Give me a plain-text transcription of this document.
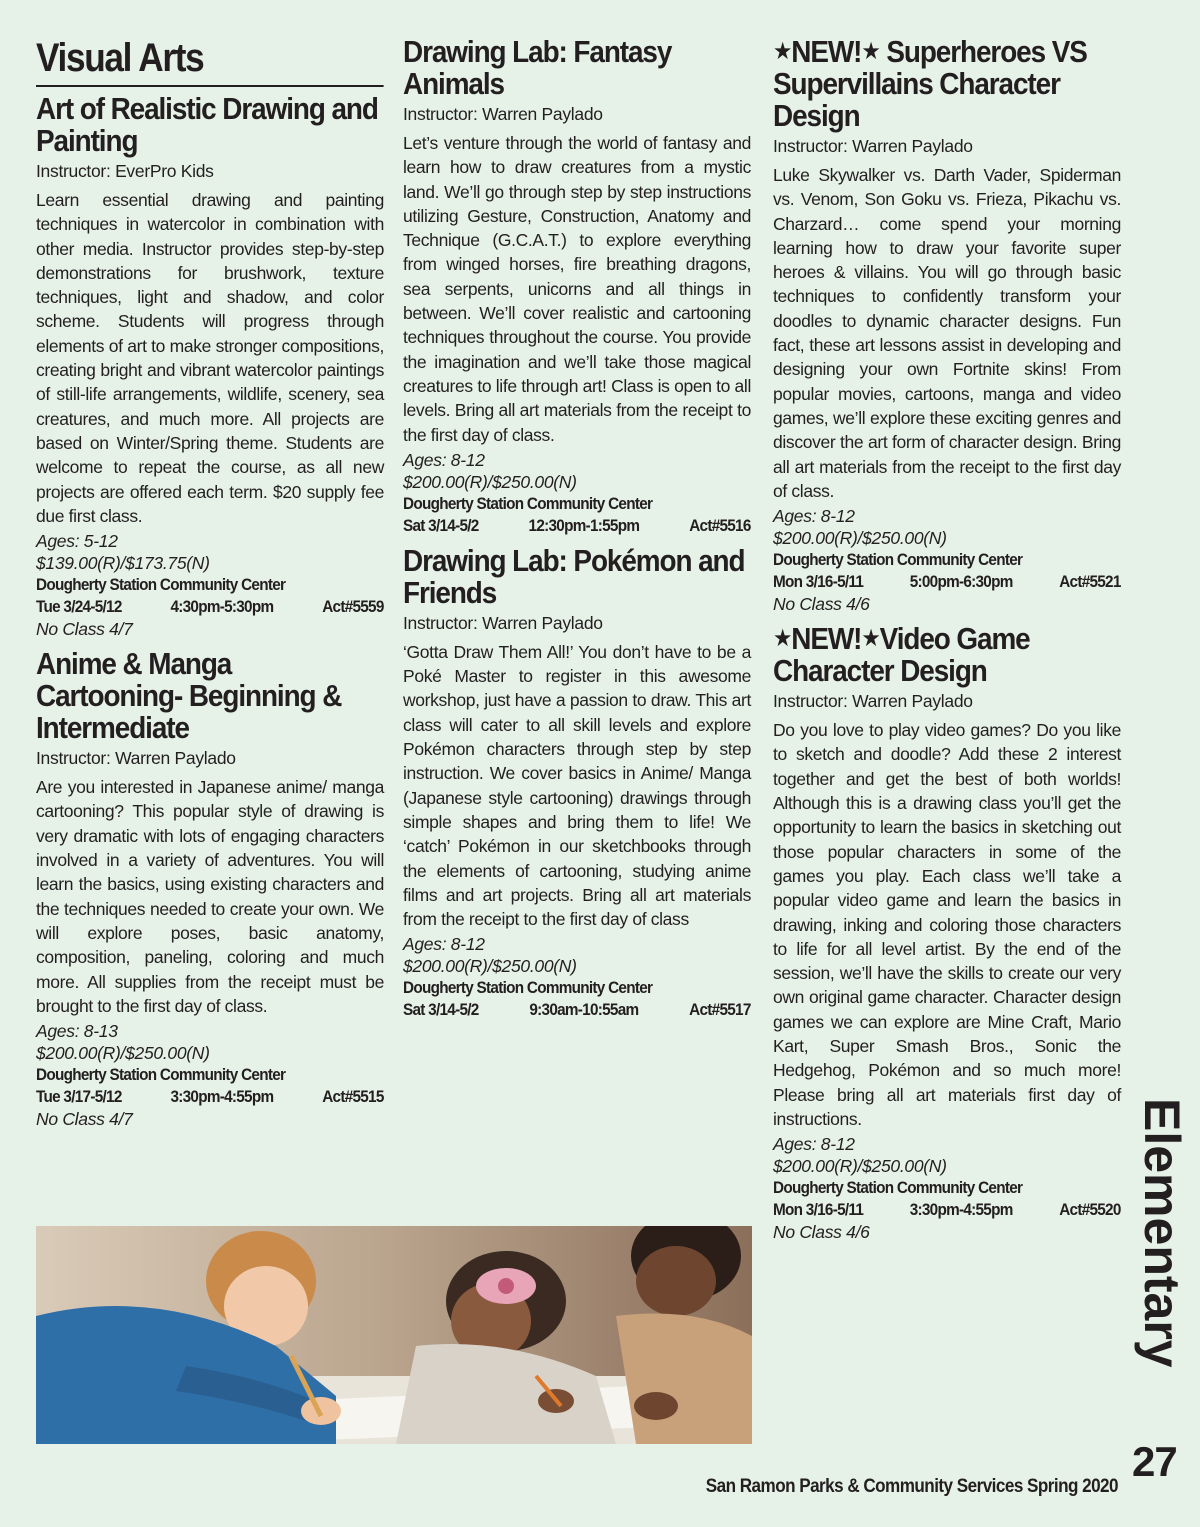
Visual Arts
Art of Realistic Drawing and Painting
Instructor: EverPro Kids
Learn essential drawing and painting techniques in watercolor in combination with other media. Instructor provides step-by-step demonstrations for brushwork, texture techniques, light and shadow, and color scheme. Students will progress through elements of art to make stronger compositions, creating bright and vibrant watercolor paintings of still-life arrangements, wildlife, scenery, sea creatures, and much more. All projects are based on Winter/Spring theme. Students are welcome to repeat the course, as all new projects are offered each term. $20 supply fee due first class.
Ages: 5-12
$139.00(R)/$173.75(N)
Dougherty Station Community Center
Tue 3/24-5/12	4:30pm-5:30pm	Act#5559
No Class 4/7
Anime & Manga Cartooning- Beginning & Intermediate
Instructor: Warren Paylado
Are you interested in Japanese anime/ manga cartooning? This popular style of drawing is very dramatic with lots of engaging characters involved in a variety of adventures. You will learn the basics, using existing characters and the techniques needed to create your own. We will explore poses, basic anatomy, composition, paneling, coloring and much more. All supplies from the receipt must be brought to the first day of class.
Ages: 8-13
$200.00(R)/$250.00(N)
Dougherty Station Community Center
Tue 3/17-5/12	3:30pm-4:55pm	Act#5515
No Class 4/7
Drawing Lab: Fantasy Animals
Instructor: Warren Paylado
Let’s venture through the world of fantasy and learn how to draw creatures from a mystic land. We’ll go through step by step instructions utilizing Gesture, Construction, Anatomy and Technique (G.C.A.T.) to explore everything from winged horses, fire breathing dragons, sea serpents, unicorns and all things in between. We’ll cover realistic and cartooning techniques throughout the course. You provide the imagination and we’ll take those magical creatures to life through art! Class is open to all levels. Bring all art materials from the receipt to the first day of class.
Ages: 8-12
$200.00(R)/$250.00(N)
Dougherty Station Community Center
Sat 3/14-5/2	12:30pm-1:55pm	Act#5516
Drawing Lab: Pokémon and Friends
Instructor: Warren Paylado
‘Gotta Draw Them All!’ You don’t have to be a Poké Master to register in this awesome workshop, just have a passion to draw. This art class will cater to all skill levels and explore Pokémon characters through step by step instruction. We cover basics in Anime/ Manga (Japanese style cartooning) drawings through simple shapes and bring them to life! We ‘catch’ Pokémon in our sketchbooks through the elements of cartooning, studying anime films and art projects. Bring all art materials from the receipt to the first day of class
Ages: 8-12
$200.00(R)/$250.00(N)
Dougherty Station Community Center
Sat 3/14-5/2	9:30am-10:55am	Act#5517
★NEW!★ Superheroes VS Supervillains Character Design
Instructor: Warren Paylado
Luke Skywalker vs. Darth Vader, Spiderman vs. Venom, Son Goku vs. Frieza, Pikachu vs. Charzard… come spend your morning learning how to draw your favorite super heroes & villains. You will go through basic techniques to confidently transform your doodles to dynamic character designs. Fun fact, these art lessons assist in developing and designing your own Fortnite skins! From popular movies, cartoons, manga and video games, we’ll explore these exciting genres and discover the art form of character design. Bring all art materials from the receipt to the first day of class.
Ages: 8-12
$200.00(R)/$250.00(N)
Dougherty Station Community Center
Mon 3/16-5/11	5:00pm-6:30pm	Act#5521
No Class 4/6
★NEW!★Video Game Character Design
Instructor: Warren Paylado
Do you love to play video games? Do you like to sketch and doodle? Add these 2 interest together and get the best of both worlds! Although this is a drawing class you’ll get the opportunity to learn the basics in sketching out those popular characters in some of the games you play. Each class we’ll take a popular video game and learn the basics in drawing, inking and coloring those characters to life for all level artist. By the end of the session, we’ll have the skills to create our very own original game character. Character design games we can explore are Mine Craft, Mario Kart, Super Smash Bros., Sonic the Hedgehog, Pokémon and so much more! Please bring all art materials first day of instructions.
Ages: 8-12
$200.00(R)/$250.00(N)
Dougherty Station Community Center
Mon 3/16-5/11	3:30pm-4:55pm	Act#5520
No Class 4/6	Elementary
27
San Ramon Parks & Community Services Spring 2020
